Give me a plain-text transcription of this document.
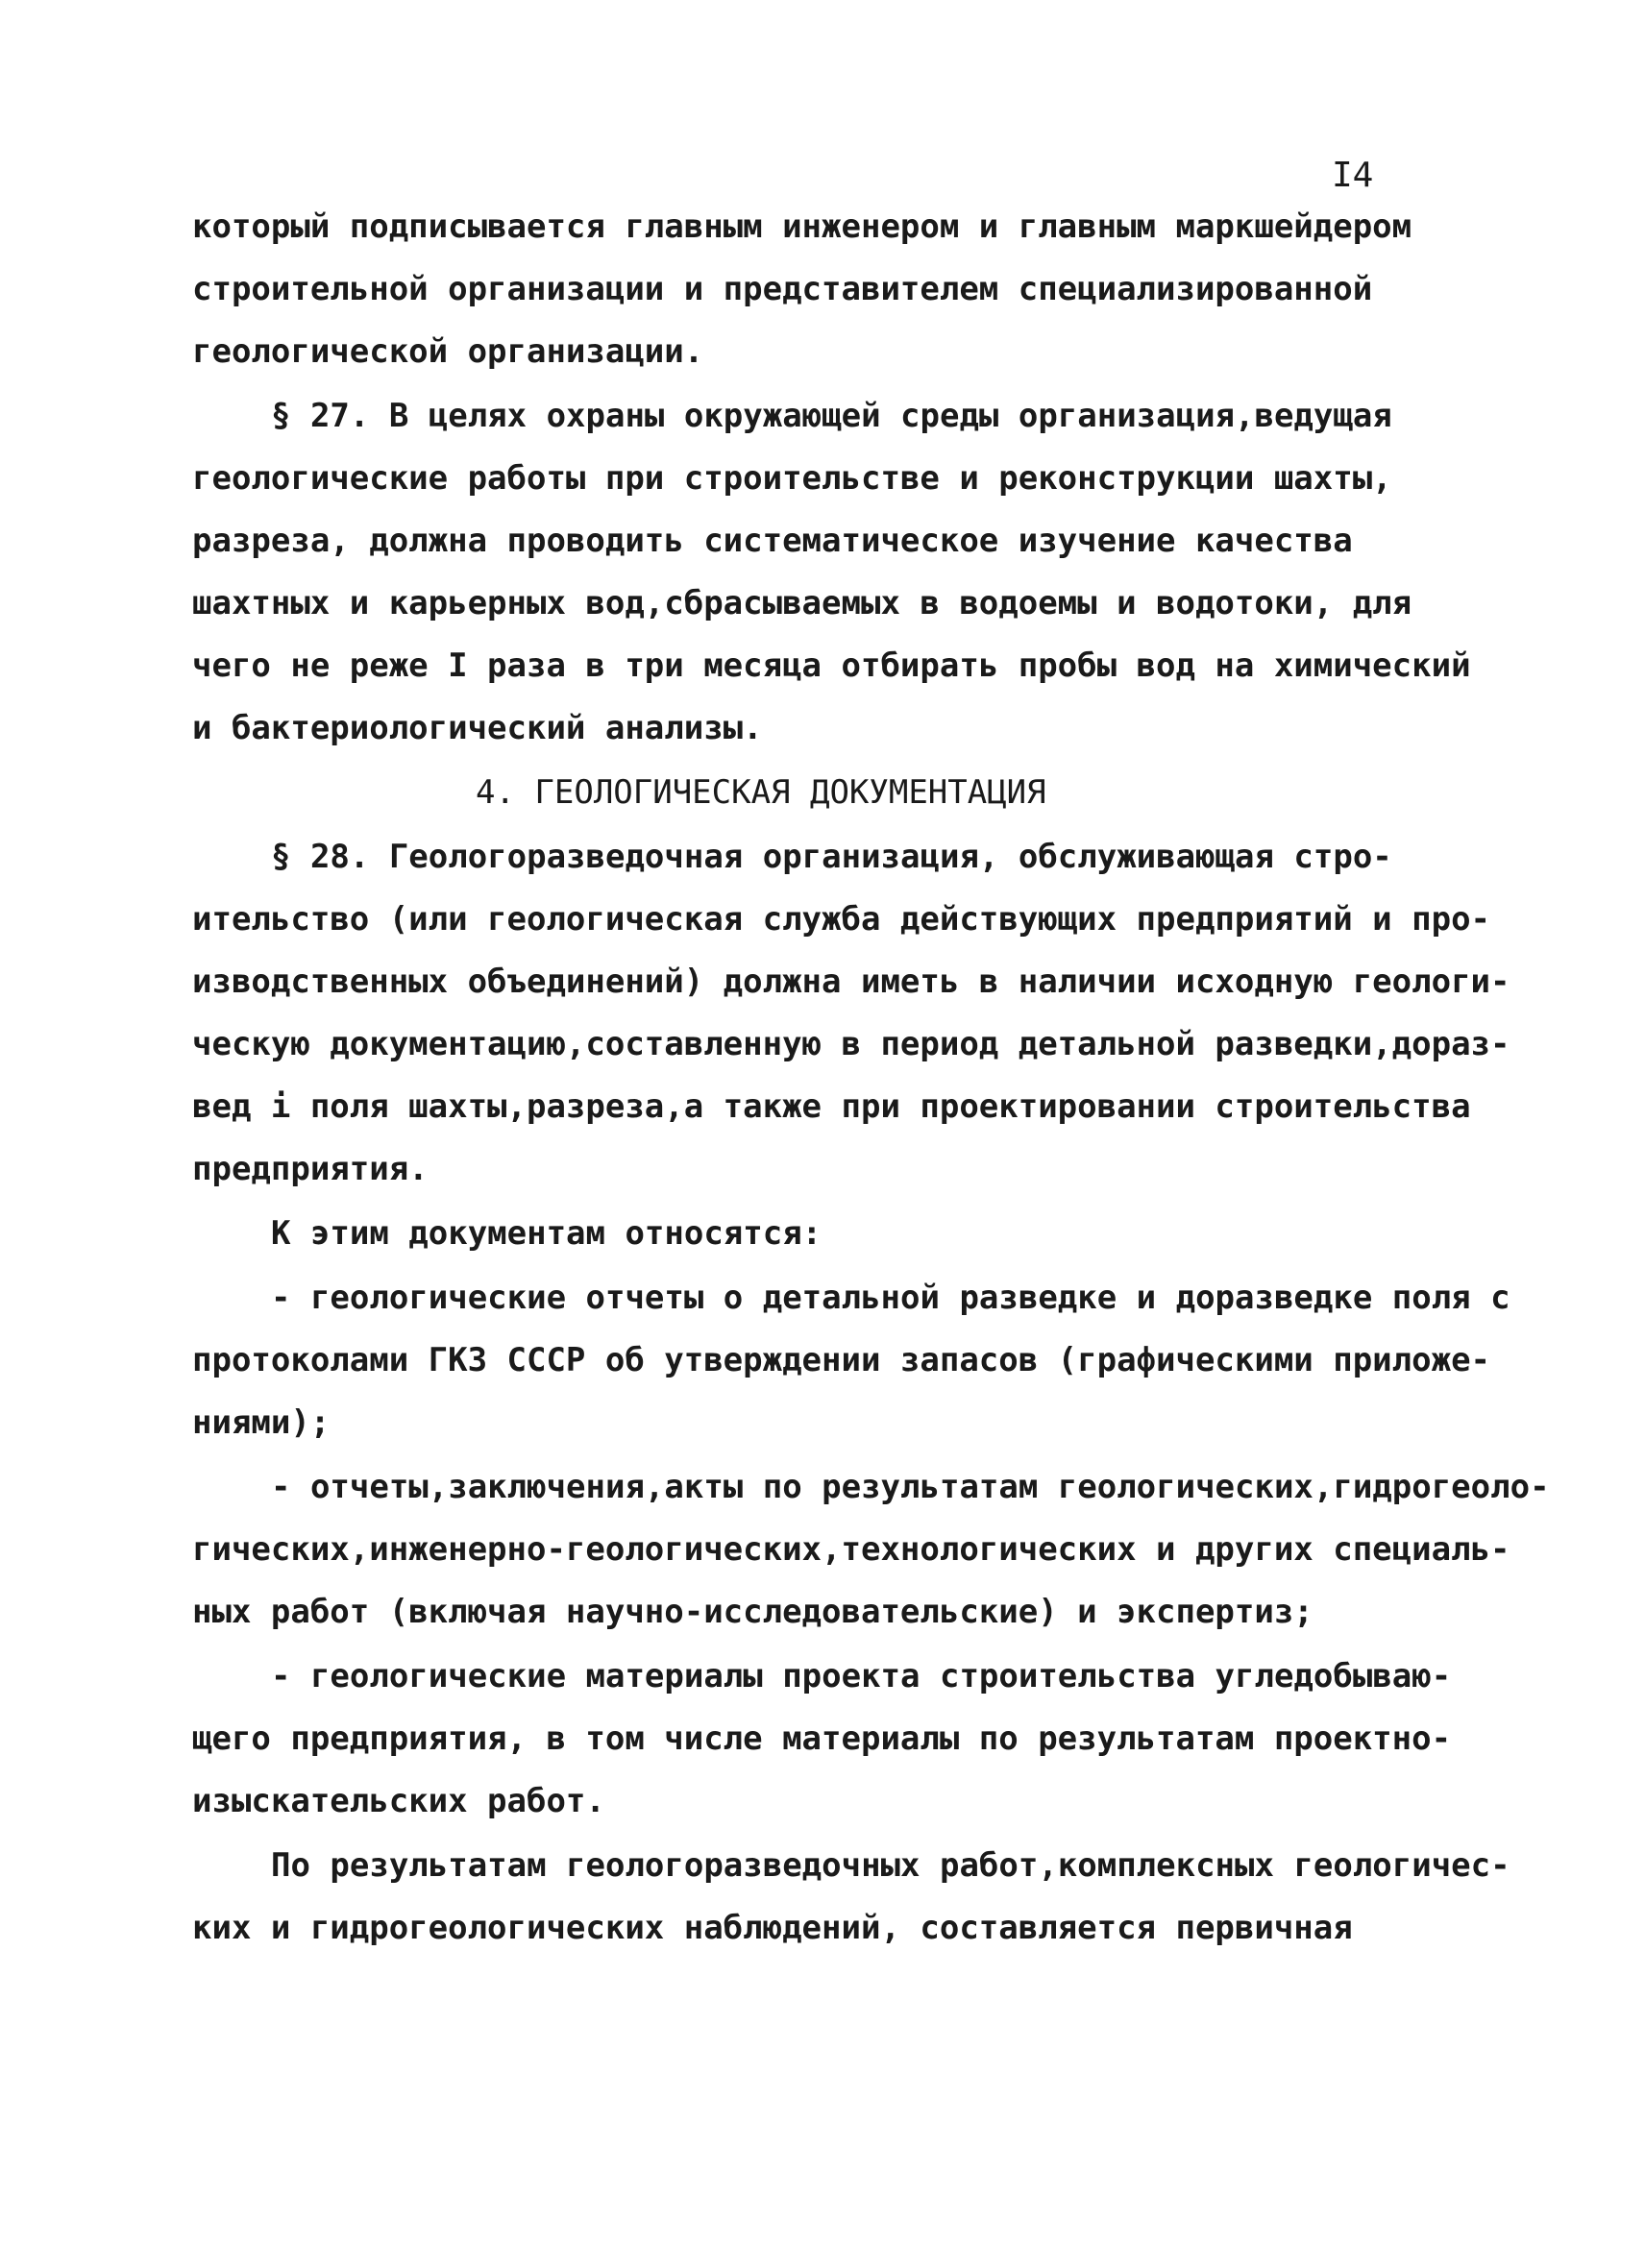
I4
который подписывается главным инженером и главным маркшейдером
строительной организации и представителем специализированной
геологической организации.
§ 27. В целях охраны окружающей среды организация,ведущая
геологические работы при строительстве и реконструкции шахты,
разреза, должна проводить систематическое изучение качества
шахтных и карьерных вод,сбрасываемых в водоемы и водотоки, для
чего не реже I раза в три месяца отбирать пробы вод на химический
и бактериологический анализы.
4. ГЕОЛОГИЧЕСКАЯ ДОКУМЕНТАЦИЯ
§ 28. Геологоразведочная организация, обслуживающая стро-
ительство (или геологическая служба действующих предприятий и про-
изводственных объединений) должна иметь в наличии исходную геологи-
ческую документацию,составленную в период детальной разведки,дораз-
вед і поля шахты,разреза,а также при проектировании строительства
предприятия.
К этим документам относятся:
- геологические отчеты о детальной разведке и доразведке поля с
протоколами ГКЗ СССР об утверждении запасов (графическими приложе-
ниями);
- отчеты,заключения,акты по результатам геологических,гидрогеоло-
гических,инженерно-геологических,технологических и других специаль-
ных работ (включая научно-исследовательские) и экспертиз;
- геологические материалы проекта строительства угледобываю-
щего предприятия, в том числе материалы по результатам проектно-
изыскательских работ.
По результатам геологоразведочных работ,комплексных геологичес-
ких и гидрогеологических наблюдений, составляется первичная
